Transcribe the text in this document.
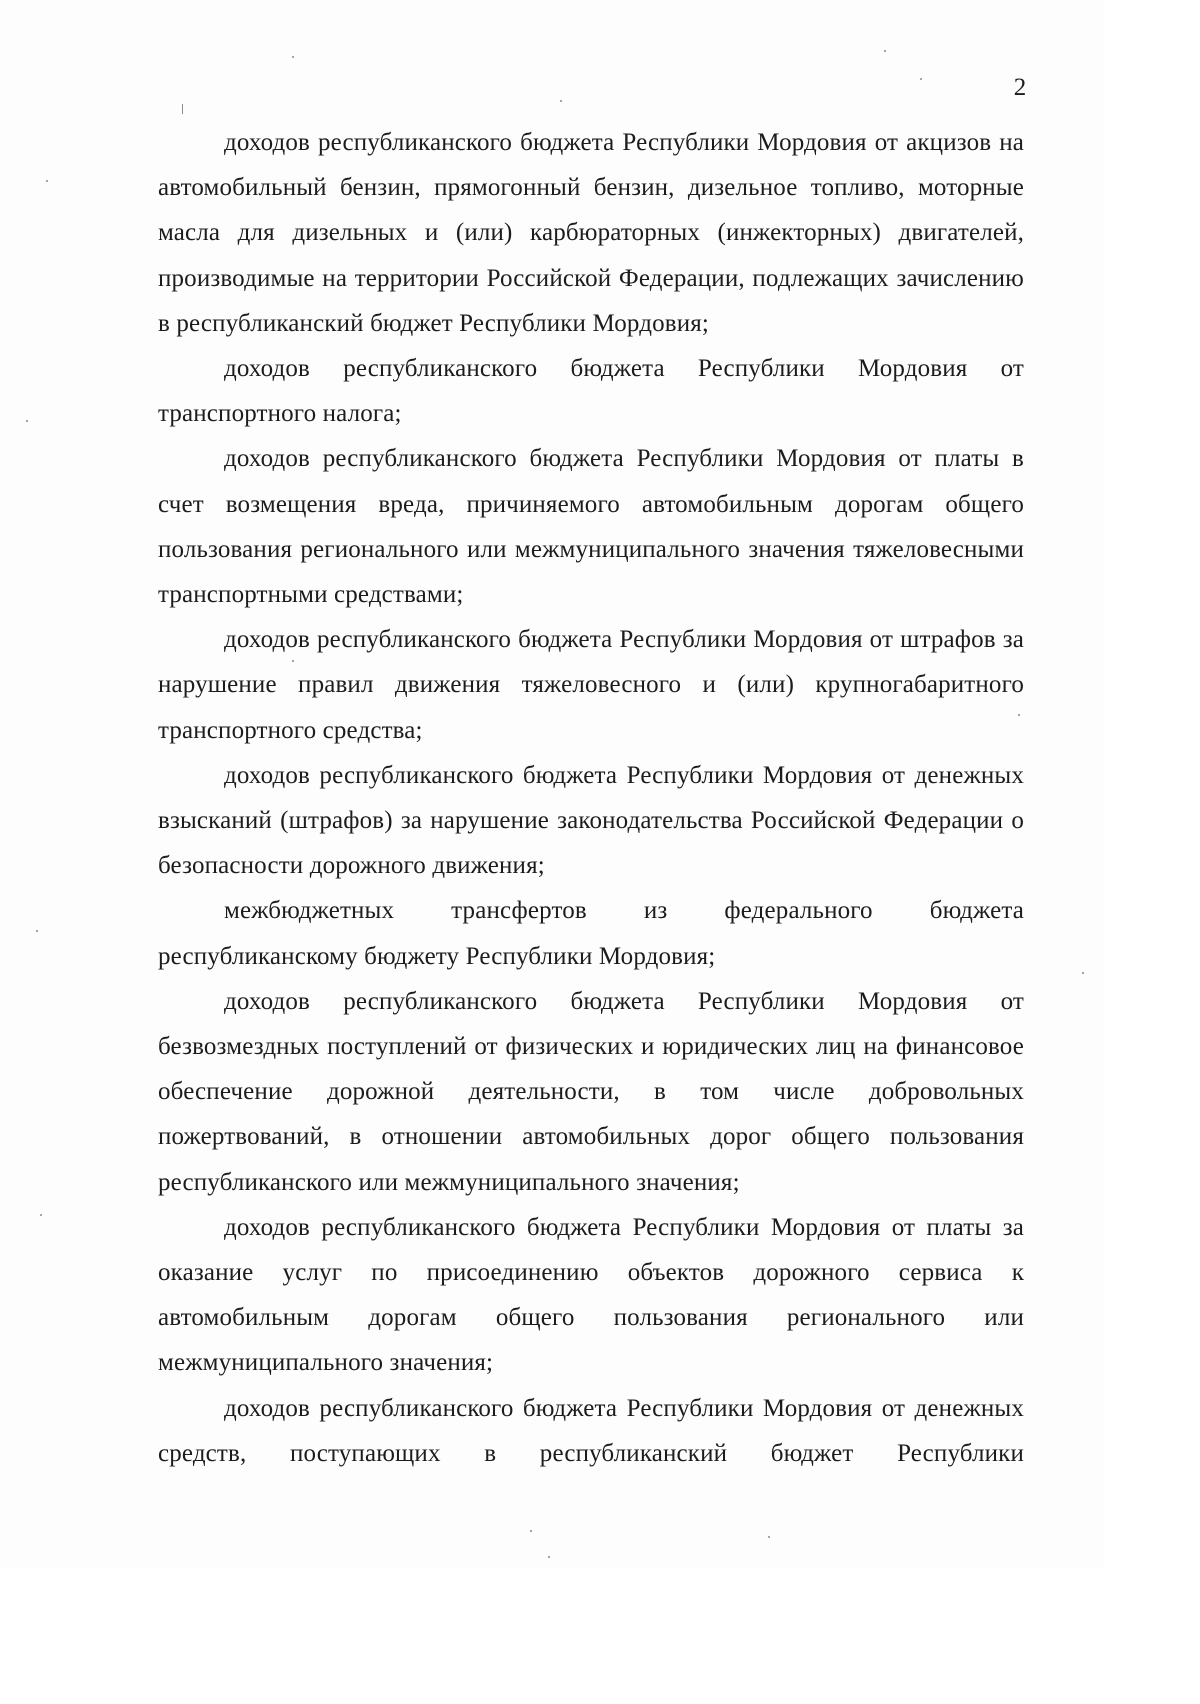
2

доходов республиканского бюджета Республики Мордовия от акцизов на автомобильный бензин, прямогонный бензин, дизельное топливо, моторные масла для дизельных и (или) карбюраторных (инжекторных) двигателей, производимые на территории Российской Федерации, подлежащих зачислению в республиканский бюджет Республики Мордовия;

доходов республиканского бюджета Республики Мордовия от транспортного налога;

доходов республиканского бюджета Республики Мордовия от платы в счет возмещения вреда, причиняемого автомобильным дорогам общего пользования регионального или межмуниципального значения тяжеловесными транспортными средствами;

доходов республиканского бюджета Республики Мордовия от штрафов за нарушение правил движения тяжеловесного и (или) крупногабаритного транспортного средства;

доходов республиканского бюджета Республики Мордовия от денежных взысканий (штрафов) за нарушение законодательства Российской Федерации о безопасности дорожного движения;

межбюджетных трансфертов из федерального бюджета республиканскому бюджету Республики Мордовия;

доходов республиканского бюджета Республики Мордовия от безвозмездных поступлений от физических и юридических лиц на финансовое обеспечение дорожной деятельности, в том числе добровольных пожертвований, в отношении автомобильных дорог общего пользования республиканского или межмуниципального значения;

доходов республиканского бюджета Республики Мордовия от платы за оказание услуг по присоединению объектов дорожного сервиса к автомобильным дорогам общего пользования регионального или межмуниципального значения;

доходов республиканского бюджета Республики Мордовия от денежных средств, поступающих в республиканский бюджет Республики
